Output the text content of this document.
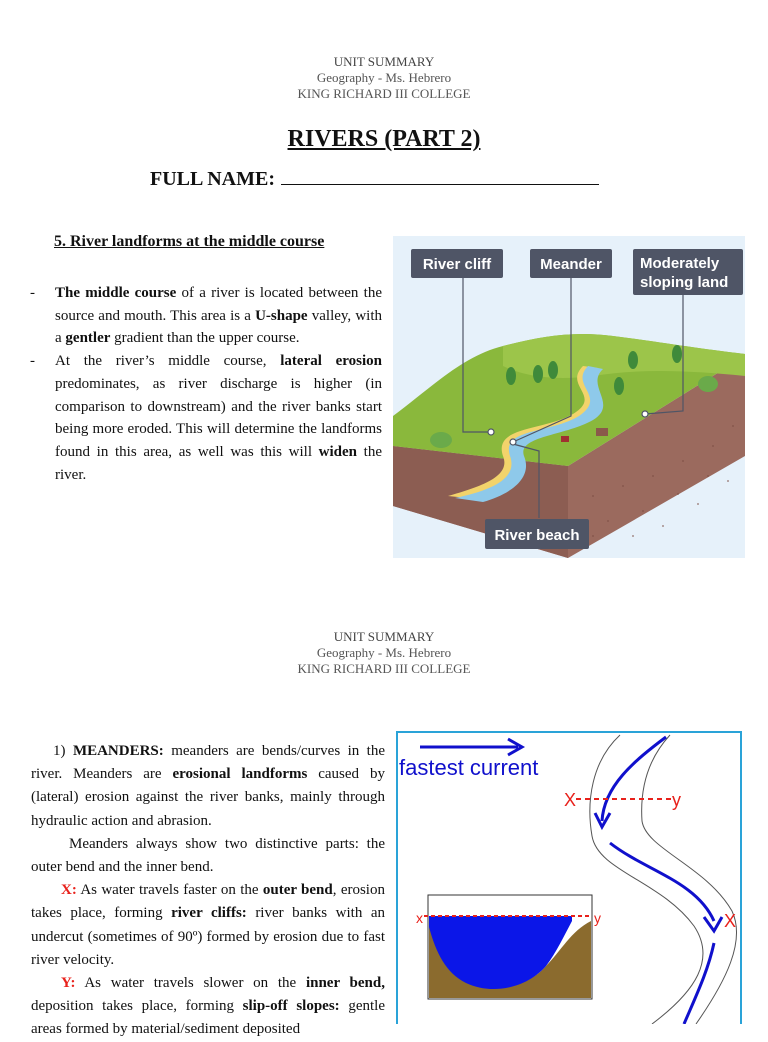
UNIT SUMMARY
Geography - Ms. Hebrero
KING RICHARD III COLLEGE
RIVERS (PART 2)
FULL NAME:
5. River landforms at the middle course
- The middle course of a river is located between the source and mouth. This area is a U-shape valley, with a gentler gradient than the upper course.
- At the river’s middle course, lateral erosion predominates, as river discharge is higher (in comparison to downstream) and the river banks start being more eroded. This will determine the landforms found in this area, as well was this will widen the river.
River cliff	Meander	Moderately
sloping land
River beach
UNIT SUMMARY
Geography - Ms. Hebrero
KING RICHARD III COLLEGE

1) MEANDERS: meanders are bends/curves in the river. Meanders are erosional landforms caused by (lateral) erosion against the river banks, mainly through hydraulic action and abrasion.

Meanders always show two distinctive parts: the outer bend and the inner bend.

X: As water travels faster on the outer bend, erosion takes place, forming river cliffs: river banks with an undercut (sometimes of 90º) formed by erosion due to fast river velocity.

Y: As water travels slower on the inner bend, deposition takes place, forming slip-off slopes: gentle areas formed by material/sediment deposited

fastest current
X	y
X
x	y
